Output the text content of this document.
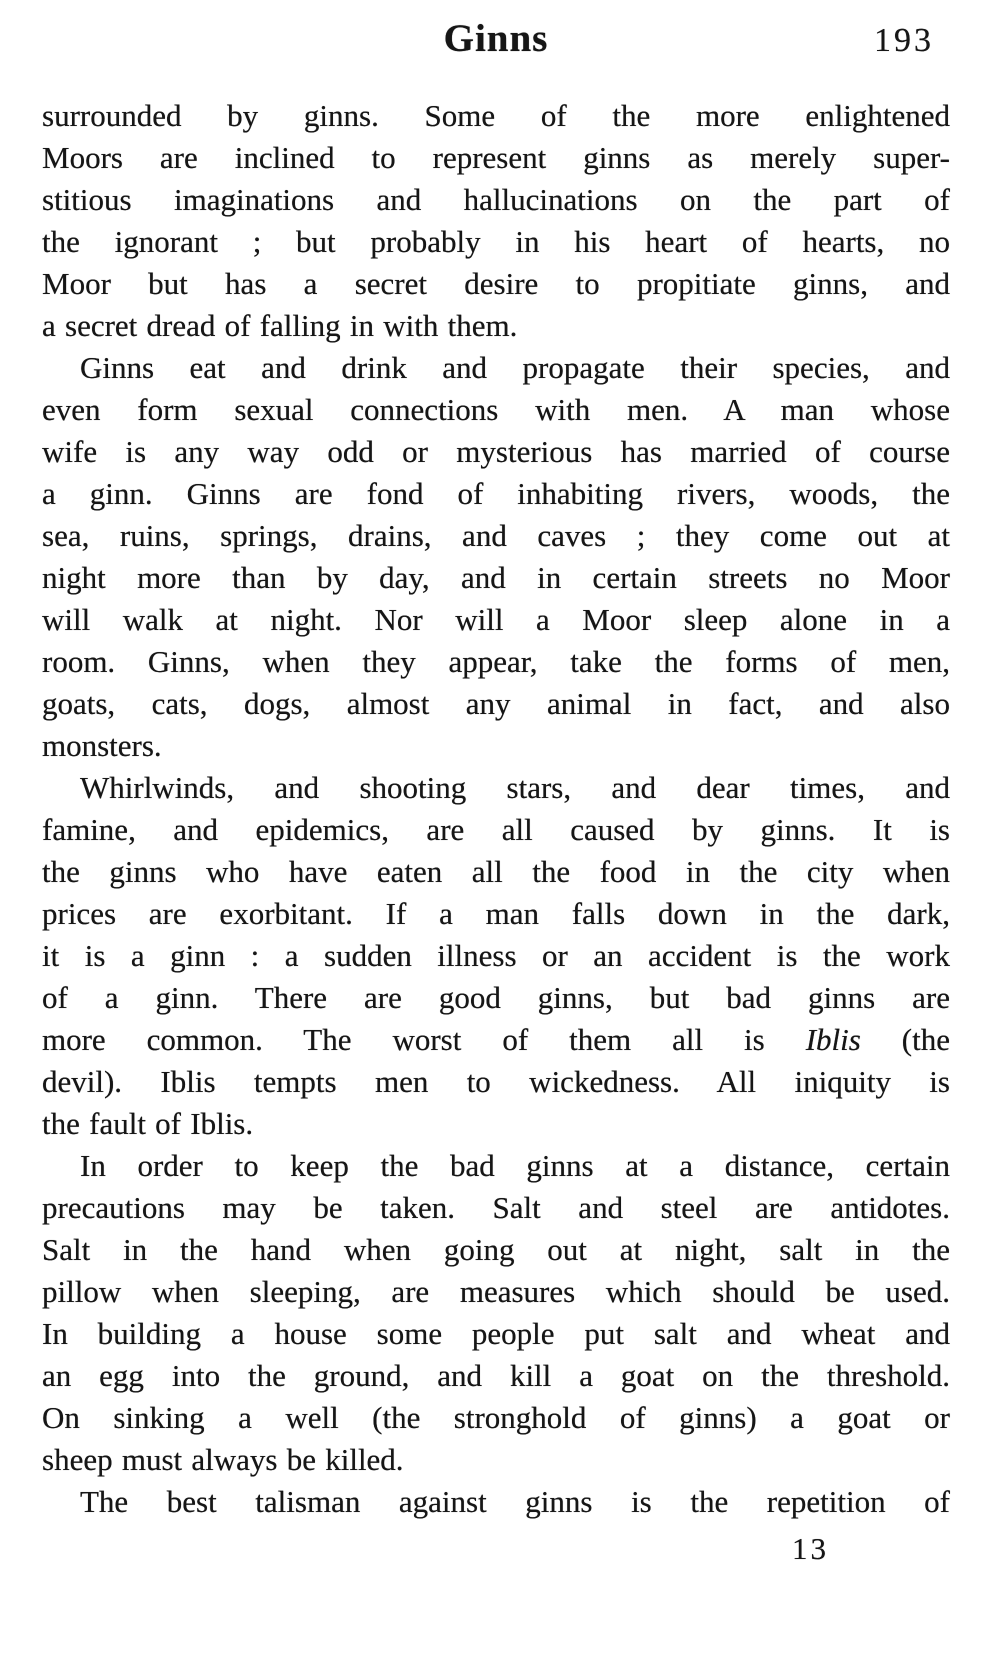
Ginns	193
surrounded by ginns. Some of the more enlightened
Moors are inclined to represent ginns as merely super-
stitious imaginations and hallucinations on the part of
the ignorant ; but probably in his heart of hearts, no
Moor but has a secret desire to propitiate ginns, and
a secret dread of falling in with them.
Ginns eat and drink and propagate their species, and
even form sexual connections with men. A man whose
wife is any way odd or mysterious has married of course
a ginn. Ginns are fond of inhabiting rivers, woods, the
sea, ruins, springs, drains, and caves ; they come out at
night more than by day, and in certain streets no Moor
will walk at night. Nor will a Moor sleep alone in a
room. Ginns, when they appear, take the forms of men,
goats, cats, dogs, almost any animal in fact, and also
monsters.
Whirlwinds, and shooting stars, and dear times, and
famine, and epidemics, are all caused by ginns. It is
the ginns who have eaten all the food in the city when
prices are exorbitant. If a man falls down in the dark,
it is a ginn : a sudden illness or an accident is the work
of a ginn. There are good ginns, but bad ginns are
more common. The worst of them all is Iblis (the
devil). Iblis tempts men to wickedness. All iniquity is
the fault of Iblis.
In order to keep the bad ginns at a distance, certain
precautions may be taken. Salt and steel are antidotes.
Salt in the hand when going out at night, salt in the
pillow when sleeping, are measures which should be used.
In building a house some people put salt and wheat and
an egg into the ground, and kill a goat on the threshold.
On sinking a well (the stronghold of ginns) a goat or
sheep must always be killed.
The best talisman against ginns is the repetition of
13
